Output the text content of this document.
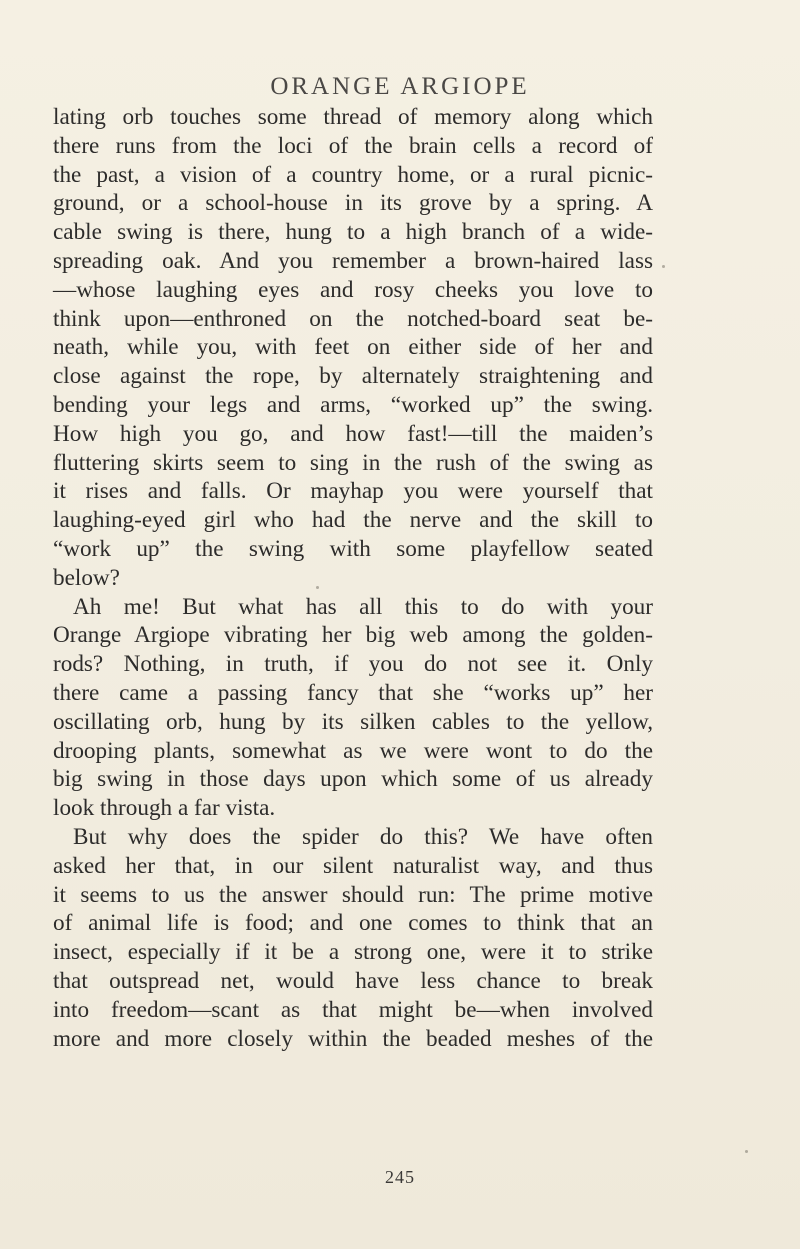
ORANGE ARGIOPE
lating orb touches some thread of memory along which
there runs from the loci of the brain cells a record of
the past, a vision of a country home, or a rural picnic-
ground, or a school-house in its grove by a spring. A
cable swing is there, hung to a high branch of a wide-
spreading oak. And you remember a brown-haired lass
—whose laughing eyes and rosy cheeks you love to
think upon—enthroned on the notched-board seat be-
neath, while you, with feet on either side of her and
close against the rope, by alternately straightening and
bending your legs and arms, “worked up” the swing.
How high you go, and how fast!—till the maiden’s
fluttering skirts seem to sing in the rush of the swing as
it rises and falls. Or mayhap you were yourself that
laughing-eyed girl who had the nerve and the skill to
“work up” the swing with some playfellow seated
below?
Ah me! But what has all this to do with your
Orange Argiope vibrating her big web among the golden-
rods? Nothing, in truth, if you do not see it. Only
there came a passing fancy that she “works up” her
oscillating orb, hung by its silken cables to the yellow,
drooping plants, somewhat as we were wont to do the
big swing in those days upon which some of us already
look through a far vista.
But why does the spider do this? We have often
asked her that, in our silent naturalist way, and thus
it seems to us the answer should run: The prime motive
of animal life is food; and one comes to think that an
insect, especially if it be a strong one, were it to strike
that outspread net, would have less chance to break
into freedom—scant as that might be—when involved
more and more closely within the beaded meshes of the
245
